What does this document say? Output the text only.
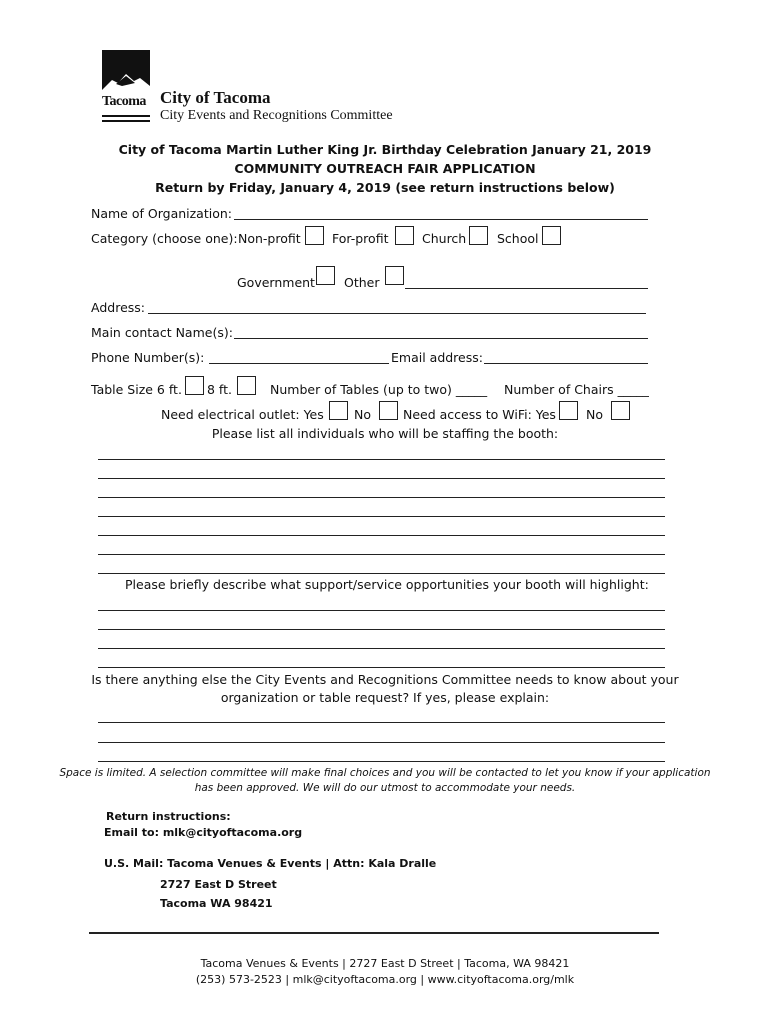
Tacoma City of Tacoma
City Events and Recognitions Committee
City of Tacoma Martin Luther King Jr. Birthday Celebration January 21, 2019
COMMUNITY OUTREACH FAIR APPLICATION
Return by Friday, January 4, 2019 (see return instructions below)
Name of Organization:
Category (choose one): Non-profit	For-profit	Church School
Government Other
Address:
Main contact Name(s):
Phone Number(s):	Email address:
Table Size 6 ft. 8 ft.	Number of Tables (up to two) _____ Number of Chairs _____
Need electrical outlet: Yes No	Need access to WiFi: Yes No
Please list all individuals who will be staffing the booth:
Please briefly describe what support/service opportunities your booth will highlight:
Is there anything else the City Events and Recognitions Committee needs to know about your
organization or table request? If yes, please explain:
Space is limited. A selection committee will make final choices and you will be contacted to let you know if your application
has been approved. We will do our utmost to accommodate your needs.
Return instructions:
Email to: mlk@cityoftacoma.org
U.S. Mail: Tacoma Venues & Events | Attn: Kala Dralle
2727 East D Street
Tacoma WA 98421
Tacoma Venues & Events | 2727 East D Street | Tacoma, WA 98421
(253) 573-2523 | mlk@cityoftacoma.org | www.cityoftacoma.org/mlk
